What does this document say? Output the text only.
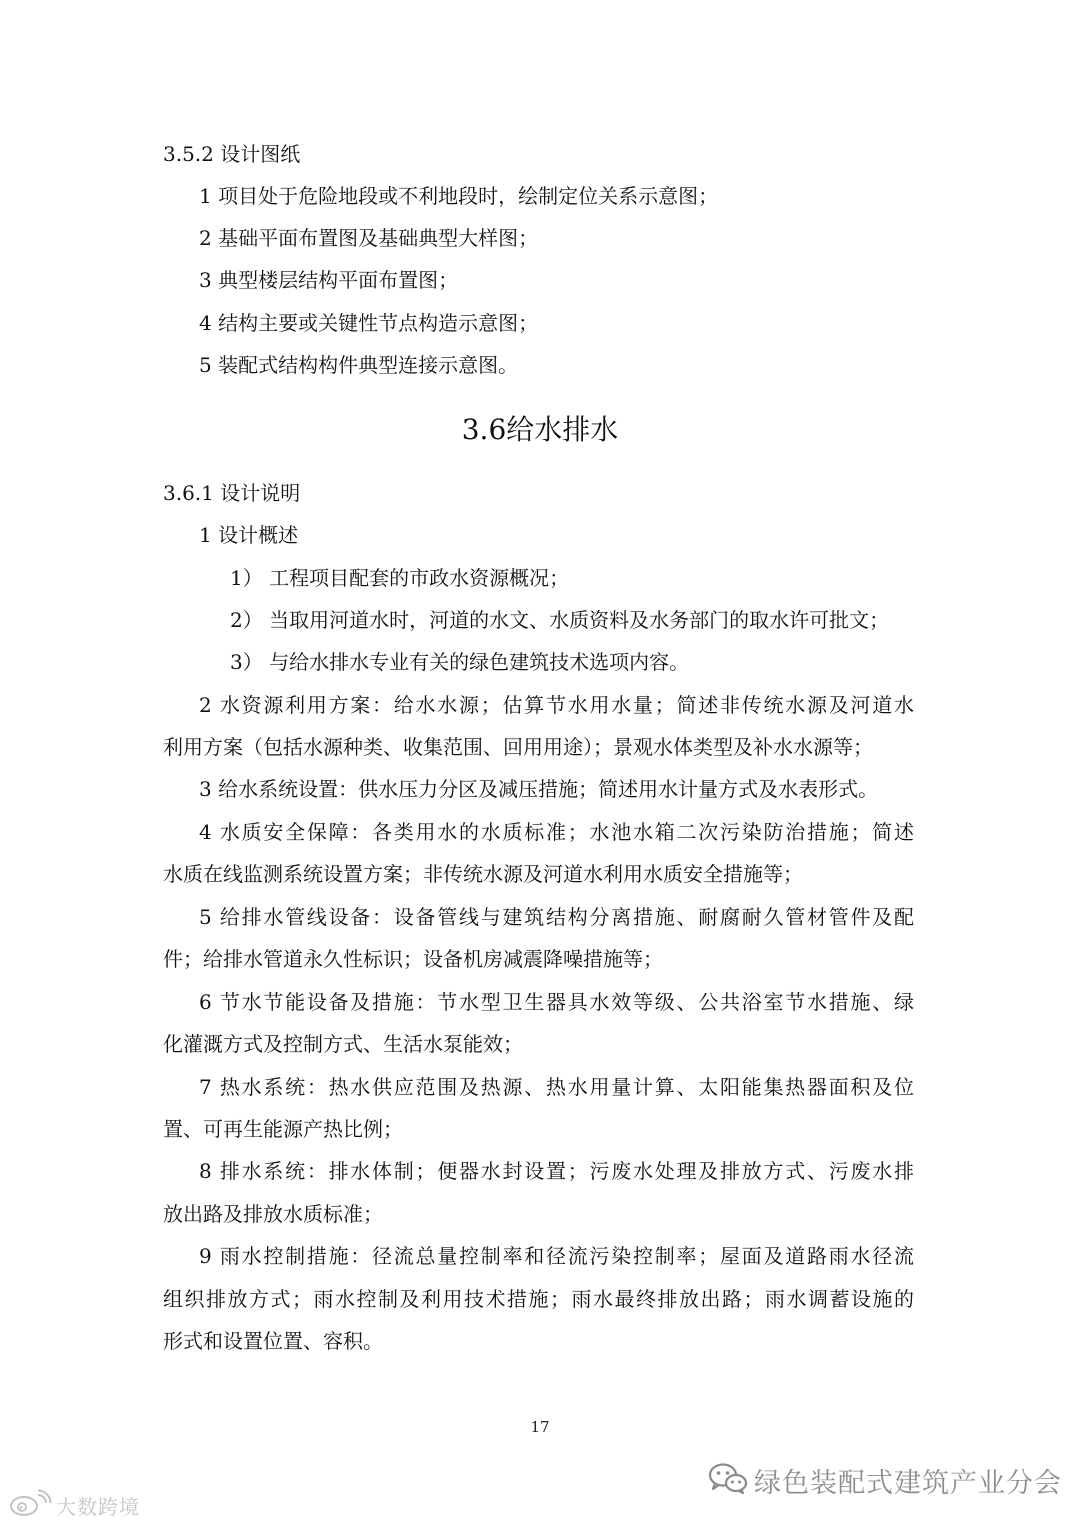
3.5.2 设计图纸
1 项目处于危险地段或不利地段时，绘制定位关系示意图；
2 基础平面布置图及基础典型大样图；
3 典型楼层结构平面布置图；
4 结构主要或关键性节点构造示意图；
5 装配式结构构件典型连接示意图。
3.6给水排水
3.6.1 设计说明
1 设计概述
1） 工程项目配套的市政水资源概况；
2） 当取用河道水时，河道的水文、水质资料及水务部门的取水许可批文；
3） 与给水排水专业有关的绿色建筑技术选项内容。
2 水资源利用方案：给水水源；估算节水用水量；简述非传统水源及河道水
利用方案（包括水源种类、收集范围、回用用途）；景观水体类型及补水水源等；
3 给水系统设置：供水压力分区及减压措施；简述用水计量方式及水表形式。
4 水质安全保障：各类用水的水质标准；水池水箱二次污染防治措施；简述
水质在线监测系统设置方案；非传统水源及河道水利用水质安全措施等；
5 给排水管线设备：设备管线与建筑结构分离措施、耐腐耐久管材管件及配
件；给排水管道永久性标识；设备机房减震降噪措施等；
6 节水节能设备及措施：节水型卫生器具水效等级、公共浴室节水措施、绿
化灌溉方式及控制方式、生活水泵能效；
7 热水系统：热水供应范围及热源、热水用量计算、太阳能集热器面积及位
置、可再生能源产热比例；
8 排水系统：排水体制；便器水封设置；污废水处理及排放方式、污废水排
放出路及排放水质标准；
9 雨水控制措施：径流总量控制率和径流污染控制率；屋面及道路雨水径流
组织排放方式；雨水控制及利用技术措施；雨水最终排放出路；雨水调蓄设施的
形式和设置位置、容积。
17
绿色装配式建筑产业分会
大数跨境
